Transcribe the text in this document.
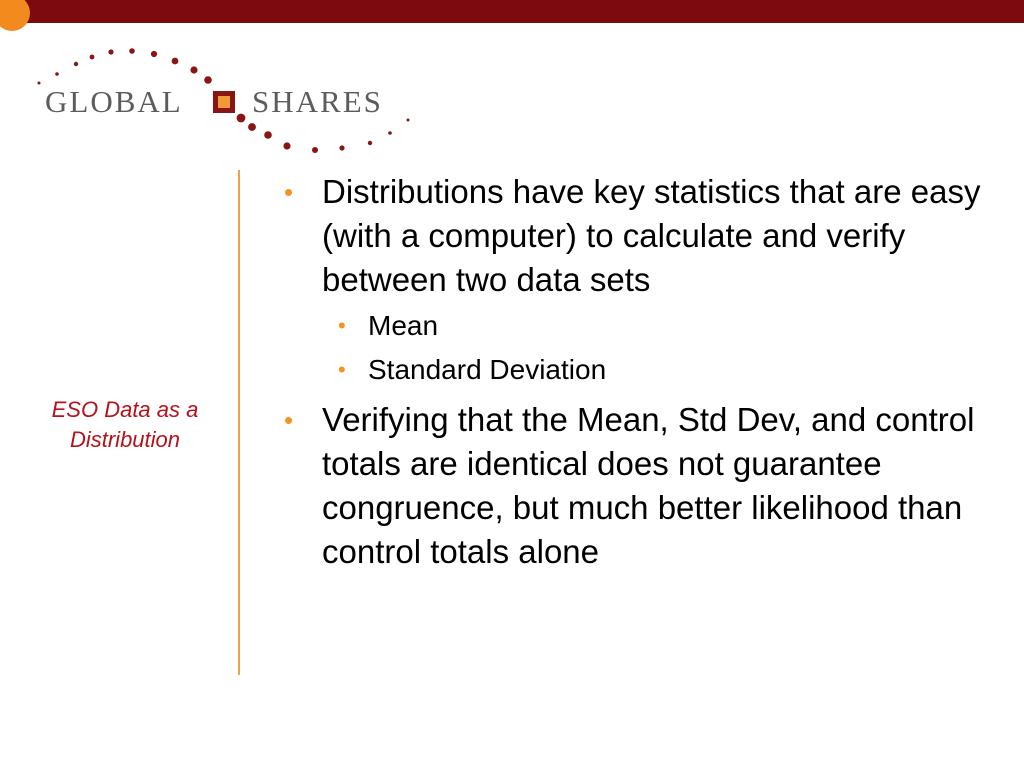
GLOBAL SHARES
ESO Data as a Distribution
• Distributions have key statistics that are easy (with a computer) to calculate and verify between two data sets
• Mean
• Standard Deviation
• Verifying that the Mean, Std Dev, and control totals are identical does not guarantee congruence, but much better likelihood than control totals alone
